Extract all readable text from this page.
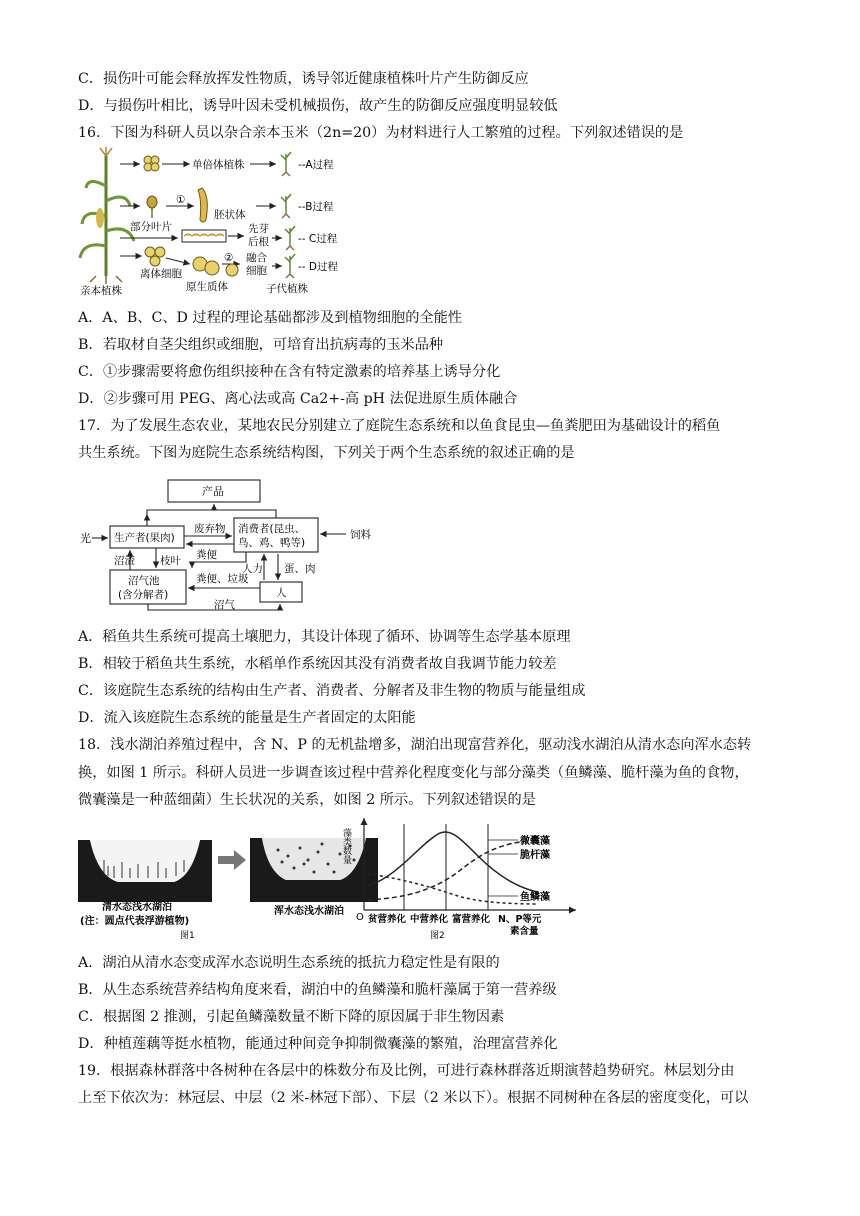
C．损伤叶可能会释放挥发性物质，诱导邻近健康植株叶片产生防御反应
D．与损伤叶相比，诱导叶因未受机械损伤，故产生的防御反应强度明显较低
16．下图为科研人员以杂合亲本玉米（2n=20）为材料进行人工繁殖的过程。下列叙述错误的是
亲本植株
单倍体植株
部分叶片
①
胚状体
先芽
后根
离体细胞
原生质体
② 融合
细胞
子代植株
--A过程
--B过程
-- C过程
-- D过程
A．A、B、C、D 过程的理论基础都涉及到植物细胞的全能性
B．若取材自茎尖组织或细胞，可培育出抗病毒的玉米品种
C．①步骤需要将愈伤组织接种在含有特定激素的培养基上诱导分化
D．②步骤可用 PEG、离心法或高 Ca2+-高 pH 法促进原生质体融合
17．为了发展生态农业，某地农民分别建立了庭院生态系统和以鱼食昆虫—鱼粪肥田为基础设计的稻鱼
共生系统。下图为庭院生态系统结构图，下列关于两个生态系统的叙述正确的是
产品
光 生产者(果肉)
废弃物 消费者(昆虫、
鸟、鸡、鸭等)
饲料
沼渣 枝叶 粪便
沼气池
(含分解者)
人力 蛋、肉
粪便、垃圾
人
沼气
A．稻鱼共生系统可提高土壤肥力，其设计体现了循环、协调等生态学基本原理
B．相较于稻鱼共生系统，水稻单作系统因其没有消费者故自我调节能力较差
C．该庭院生态系统的结构由生产者、消费者、分解者及非生物的物质与能量组成
D．流入该庭院生态系统的能量是生产者固定的太阳能
18．浅水湖泊养殖过程中，含 N、P 的无机盐增多，湖泊出现富营养化，驱动浅水湖泊从清水态向浑水态转
换，如图 1 所示。科研人员进一步调查该过程中营养化程度变化与部分藻类（鱼鳞藻、脆杆藻为鱼的食物，
微囊藻是一种蓝细菌）生长状况的关系，如图 2 所示。下列叙述错误的是
清水态浅水湖泊
(注：圆点代表浮游植物)
图1
浑水态浅水湖泊
藻类数量
O
微囊藻
脆杆藻
鱼鳞藻
贫营养化 中营养化 富营养化 N、P等元
素含量
图2
A．湖泊从清水态变成浑水态说明生态系统的抵抗力稳定性是有限的
B．从生态系统营养结构角度来看，湖泊中的鱼鳞藻和脆杆藻属于第一营养级
C．根据图 2 推测，引起鱼鳞藻数量不断下降的原因属于非生物因素
D．种植莲藕等挺水植物，能通过种间竞争抑制微囊藻的繁殖，治理富营养化
19．根据森林群落中各树种在各层中的株数分布及比例，可进行森林群落近期演替趋势研究。林层划分由
上至下依次为：林冠层、中层（2 米-林冠下部）、下层（2 米以下）。根据不同树种在各层的密度变化，可以
